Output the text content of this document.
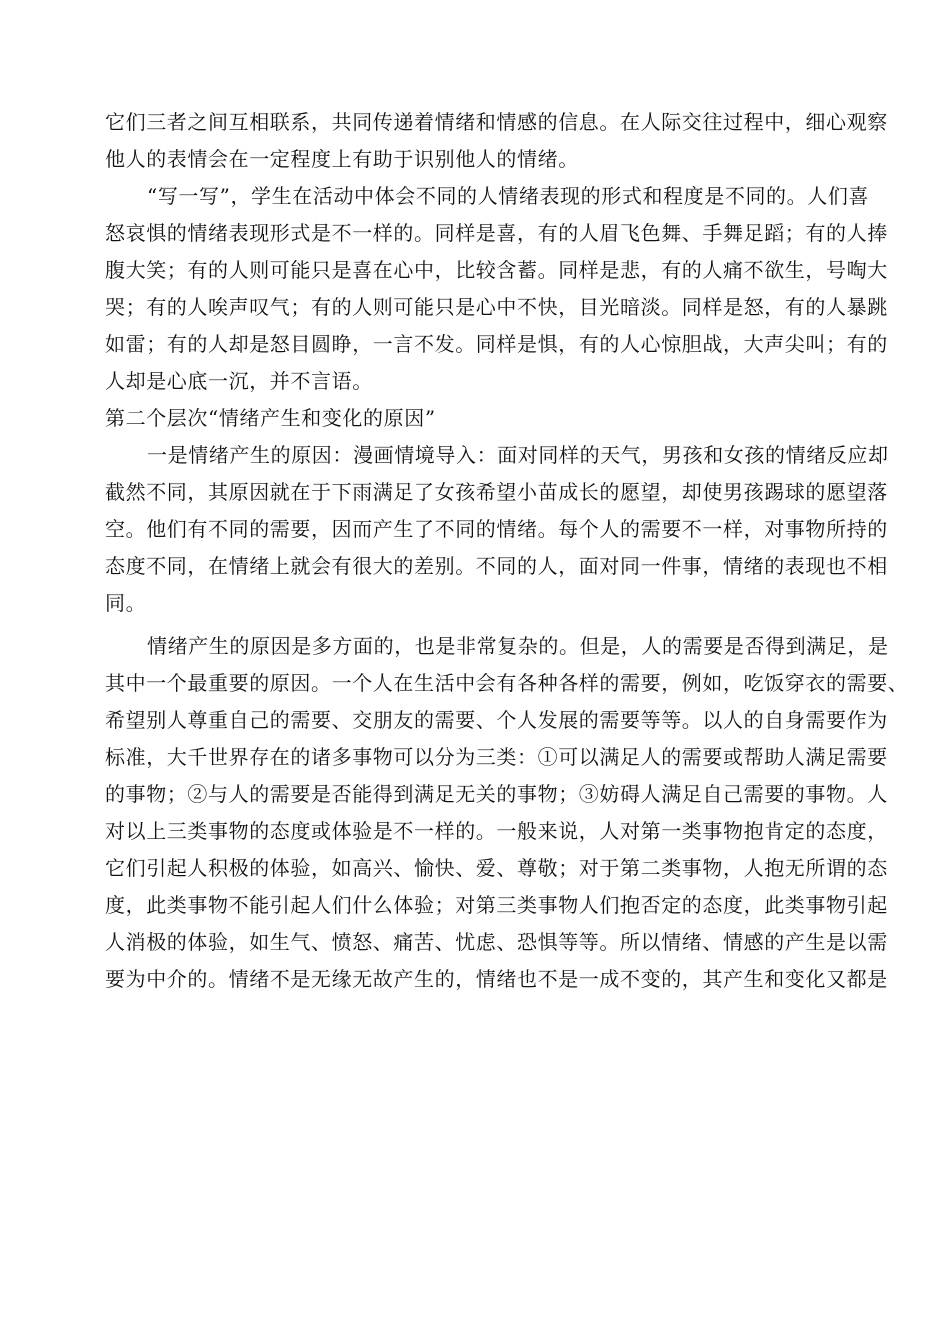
它们三者之间互相联系，共同传递着情绪和情感的信息。在人际交往过程中，细心观察
他人的表情会在一定程度上有助于识别他人的情绪。
“写一写”，学生在活动中体会不同的人情绪表现的形式和程度是不同的。人们喜
怒哀惧的情绪表现形式是不一样的。同样是喜，有的人眉飞色舞、手舞足蹈；有的人捧
腹大笑；有的人则可能只是喜在心中，比较含蓄。同样是悲，有的人痛不欲生，号啕大
哭；有的人唉声叹气；有的人则可能只是心中不快，目光暗淡。同样是怒，有的人暴跳
如雷；有的人却是怒目圆睁，一言不发。同样是惧，有的人心惊胆战，大声尖叫；有的
人却是心底一沉，并不言语。
第二个层次“情绪产生和变化的原因”
一是情绪产生的原因：漫画情境导入：面对同样的天气，男孩和女孩的情绪反应却
截然不同，其原因就在于下雨满足了女孩希望小苗成长的愿望，却使男孩踢球的愿望落
空。他们有不同的需要，因而产生了不同的情绪。每个人的需要不一样，对事物所持的
态度不同，在情绪上就会有很大的差别。不同的人，面对同一件事，情绪的表现也不相
同。
情绪产生的原因是多方面的，也是非常复杂的。但是，人的需要是否得到满足，是
其中一个最重要的原因。一个人在生活中会有各种各样的需要，例如，吃饭穿衣的需要、
希望别人尊重自己的需要、交朋友的需要、个人发展的需要等等。以人的自身需要作为
标准，大千世界存在的诸多事物可以分为三类：①可以满足人的需要或帮助人满足需要
的事物；②与人的需要是否能得到满足无关的事物；③妨碍人满足自己需要的事物。人
对以上三类事物的态度或体验是不一样的。一般来说，人对第一类事物抱肯定的态度，
它们引起人积极的体验，如高兴、愉快、爱、尊敬；对于第二类事物，人抱无所谓的态
度，此类事物不能引起人们什么体验；对第三类事物人们抱否定的态度，此类事物引起
人消极的体验，如生气、愤怒、痛苦、忧虑、恐惧等等。所以情绪、情感的产生是以需
要为中介的。情绪不是无缘无故产生的，情绪也不是一成不变的，其产生和变化又都是
